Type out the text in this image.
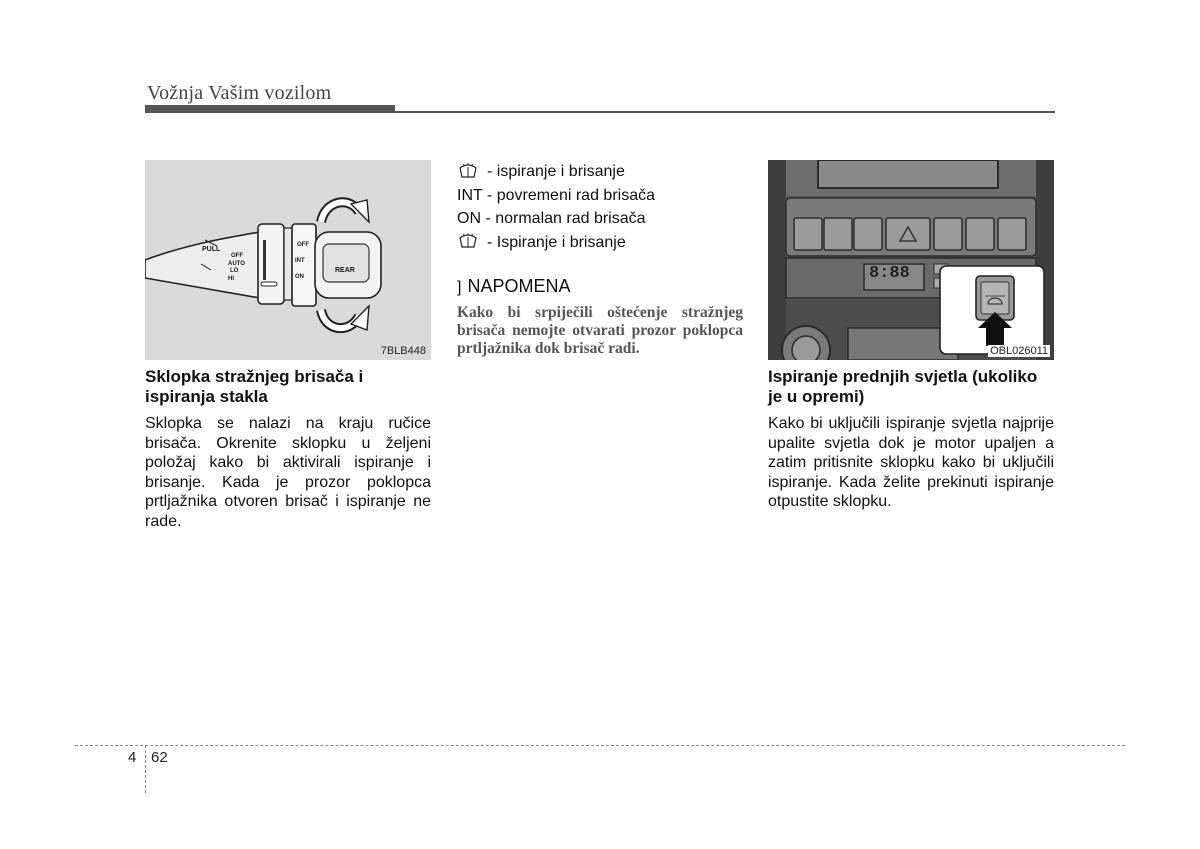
Vožnja Vašim vozilom
PULL
OFF
AUTO
LO
HI
OFF
INT
ON
REAR
7BLB448
Sklopka stražnjeg brisača i ispiranja stakla
Sklopka se nalazi na kraju ručice brisača. Okrenite sklopku u željeni položaj kako bi aktivirali ispiranje i brisanje. Kada je prozor poklopca prtljažnika otvoren brisač i ispiranje ne rade.
- ispiranje i brisanje
INT - povremeni rad brisača
ON - normalan rad brisača
- Ispiranje i brisanje
] NAPOMENA
Kako bi srpiječili oštećenje stražnjeg brisača nemojte otvarati prozor poklopca prtljažnika dok brisač radi.
8:88
OBL026011
Ispiranje prednjih svjetla (ukoliko je u opremi)
Kako bi uključili ispiranje svjetla najprije upalite svjetla dok je motor upaljen a zatim pritisnite sklopku kako bi uključili ispiranje. Kada želite prekinuti ispiranje otpustite sklopku.
4 62
